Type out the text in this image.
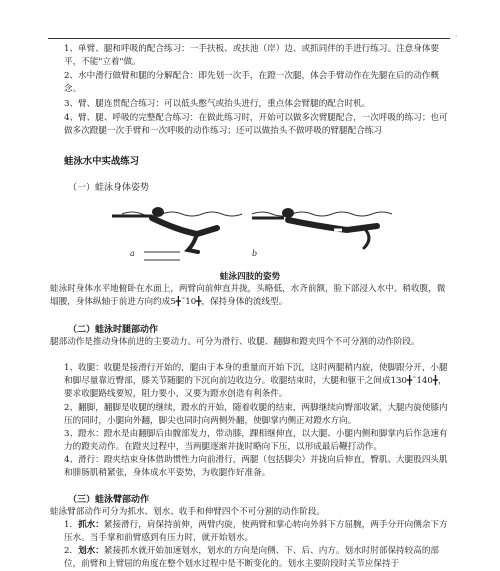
·
1、单臂、腿和呼吸的配合练习：一手扶板、或扶池（岸）边、或抓同伴的手进行练习。注意身体要平，不能"立着"做。
2、水中滑行做臂和腿的分解配合：即先划一次手，在蹬一次腿，体会手臂动作在先腿在后的动作概念。
3、臂、腿连贯配合练习：可以低头憋气或抬头进行，重点体会臂腿的配合时机。
4、臂、腿、呼吸的完整配合练习：在做此练习时，开始可以做多次臂腿配合，一次呼吸的练习；也可做多次蹬腿一次手臂和一次呼吸的动作练习；还可以做抬头不做呼吸的臂腿配合练习
蛙泳水中实战练习
（一）蛙泳身体姿势
a	b
蛙泳四肢的姿势
蛙泳时身体水平地俯卧在水面上，两臂向前伸直并拢，头略低，水齐前额，脸下部浸入水中。稍收腹，微塌腰，身体纵轴于前进方向约成5╋˜10╋，保持身体的流线型。
（二）蛙泳时腿部动作
腿部动作是推动身体前进的主要动力。可分为滑行、收腿、翻脚和蹬夹四个不可分割的动作阶段。
1、收腿：收腿是接滑行开始的，腿由于本身的重量而开始下沉，这时两腿稍内旋，使脚跟分开，小腿和脚尽量靠近臀部，膝关节随腿的下沉向前边收边分。收腿结束时，大腿和躯干之间成130╋˜140╋，要求收腿路线要短，阻力要小，又要为蹬水创造有利条件。
2、翻脚，翻脚是收腿的继续，蹬水的开始，随着收腿的结束，两脚继续向臀部收紧，大腿内旋使膝内压的同时，小腿向外翻，脚尖也同时向两侧外翻，使脚掌内侧正对蹬水方向。
3、蹬水：蹬水是由翻脚后由髋部发力，带动膝，踝相继伸直，以大腿、小腿内侧和脚掌内后作急速有力的蹬夹动作。在蹬夹过程中，当两腿逐渐并拢时略向下压，以形成最后鞭打动作。
4、滑行：蹬夹结束身体借助惯性力向前滑行，两腿（包括脚尖）并拢向后伸直，臀肌、大腿股四头肌和腓肠肌稍紧张，身体成水平姿势，为收腿作好准备。
（三）蛙泳臂部动作
蛙泳臂部动作可分为抓水、划水、收手和伸臂四个不可分割的动作阶段。
1．抓水：紧接滑行，肩保持前伸，两臂内旋，使两臂和掌心转向外斜下方屈腕，两手分开向侧余下方压水。当手掌和前臂感到有压力时，就开始划水。
2．划水：紧接抓水就开始加速划水，划水的方向是向侧、下、后、内方。划水时肘部保持较高的部位，前臂和上臂屈的角度在整个划水过程中是不断变化的。划水主要阶段时关节应保持于
